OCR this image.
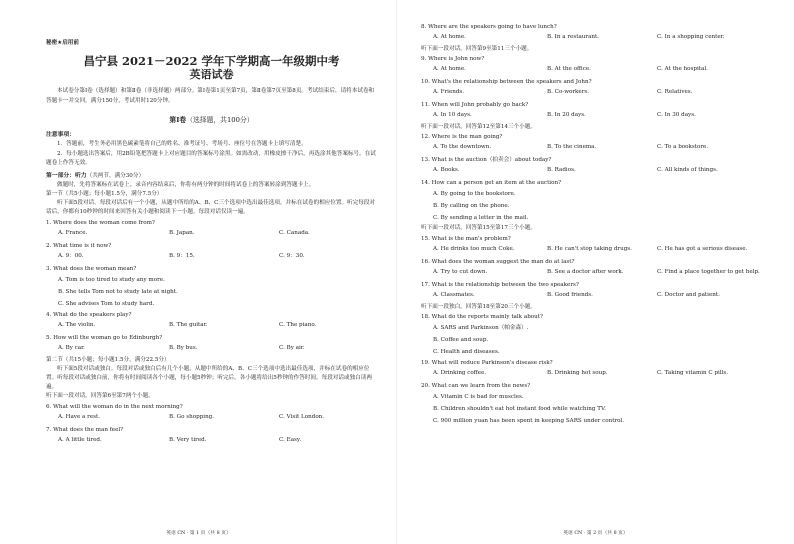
秘密★启用前
昌宁县 2021－2022 学年下学期高一年级期中考
英语试卷
本试卷分第Ⅰ卷（选择题）和第Ⅱ卷（非选择题）两部分。第Ⅰ卷第1页至第7页，第Ⅱ卷第7页至第8页。考试结束后，请将本试卷和答题卡一并交回。满分150分，考试用时120分钟。
第Ⅰ卷（选择题，共100分）
注意事项：
1．答题前，考生务必用黑色碳素笔将自己的姓名、准考证号、考场号、座位号在答题卡上填写清楚。
2．每小题选出答案后，用2B铅笔把答题卡上对应题目的答案标号涂黑。如需改动，用橡皮擦干净后，再选涂其他答案标号。在试题卷上作答无效。
第一部分：听力（共两节，满分30分）
做题时，先将答案标在试卷上。录音内容结束后，你将有两分钟的时间将试卷上的答案转涂到答题卡上。
第一节（共5小题；每小题1.5分，满分7.5分）
听下面5段对话。每段对话后有一个小题，从题中所给的A、B、C三个选项中选出最佳选项，并标在试卷的相应位置。听完每段对话后，你都有10秒钟的时间来回答有关小题和阅读下一小题。每段对话仅读一遍。
1. Where does the woman come from?
A. France.	B. Japan.	C. Canada.
2. What time is it now?
A. 9：00.	B. 9：15.	C. 9：30.
3. What does the woman mean?
A. Tom is too tired to study any more.
B. She tells Tom not to study late at night.
C. She advises Tom to study hard.
4. What do the speakers play?
A. The violin.	B. The guitar.	C. The piano.
5. How will the woman go to Edinburgh?
A. By car.	B. By bus.	C. By air.
第二节（共15小题；每小题1.5分，满分22.5分）
听下面5段对话或独白。每段对话或独白后有几个小题，从题中所给的A、B、C三个选项中选出最佳选项，并标在试卷的相应位置。听每段对话或独白前，你将有时间阅读各个小题，每小题5秒钟；听完后，各小题将给出5秒钟的作答时间。每段对话或独白读两遍。
听下面一段对话，回答第6至第7两个小题。
6. What will the woman do in the next morning?
A. Have a rest.	B. Go shopping.	C. Visit London.
7. What does the man feel?
A. A little tired.	B. Very tired.	C. Easy.
英语 CN · 第 1 页（共 8 页）
8. Where are the speakers going to have lunch?
A. At home.	B. In a restaurant.	C. In a shopping center.
听下面一段对话，回答第9至第11三个小题。
9. Where is John now?
A. At home.	B. At the office.	C. At the hospital.
10. What's the relationship between the speakers and John?
A. Friends.	B. Co-workers.	C. Relatives.
11. When will John probably go back?
A. In 10 days.	B. In 20 days.	C. In 30 days.
听下面一段对话，回答第12至第14三个小题。
12. Where is the man going?
A. To the downtown.	B. To the cinema.	C. To a bookstore.
13. What is the auction（拍卖会）about today?
A. Books.	B. Radios.	C. All kinds of things.
14. How can a person get an item at the auction?
A. By going to the bookstore.
B. By calling on the phone.
C. By sending a letter in the mail.
听下面一段对话，回答第15至第17三个小题。
15. What is the man's problem?
A. He drinks too much Coke.	B. He can't stop taking drugs.	C. He has got a serious disease.
16. What does the woman suggest the man do at last?
A. Try to cut down.	B. See a doctor after work.	C. Find a place together to get help.
17. What is the relationship between the two speakers?
A. Classmates.	B. Good friends.	C. Doctor and patient.
听下面一段独白，回答第18至第20三个小题。
18. What do the reports mainly talk about?
A. SARS and Parkinson（帕金森）.
B. Coffee and soup.
C. Health and diseases.
19. What will reduce Parkinson's disease risk?
A. Drinking coffee.	B. Drinking hot soup.	C. Taking vitamin C pills.
20. What can we learn from the news?
A. Vitamin C is bad for muscles.
B. Children shouldn't eat hot instant food while watching TV.
C. 900 million yuan has been spent in keeping SARS under control.
英语 CN · 第 2 页（共 8 页）
